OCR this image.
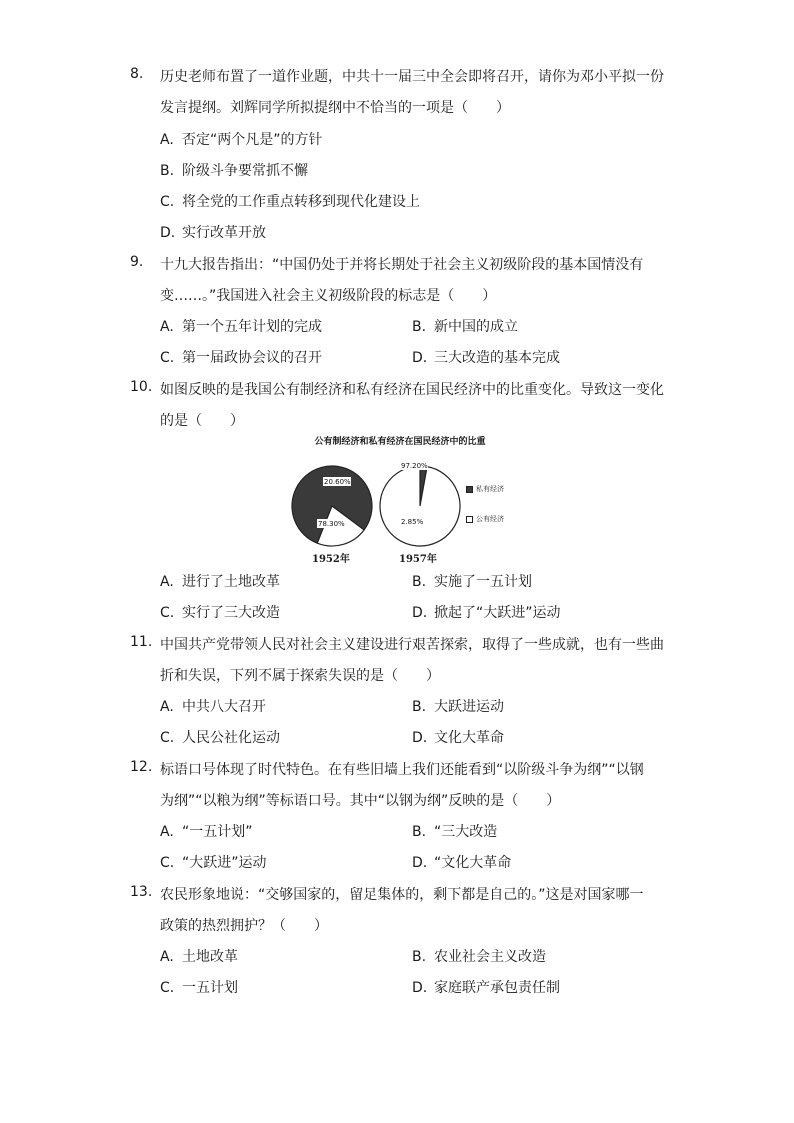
8.	历史老师布置了一道作业题，中共十一届三中全会即将召开，请你为邓小平拟一份
发言提纲。刘辉同学所拟提纲中不恰当的一项是（　　）
A. 否定“两个凡是”的方针
B. 阶级斗争要常抓不懈
C. 将全党的工作重点转移到现代化建设上
D. 实行改革开放
9.	十九大报告指出：“中国仍处于并将长期处于社会主义初级阶段的基本国情没有
变……。”我国进入社会主义初级阶段的标志是（　　）
A. 第一个五年计划的完成	B. 新中国的成立
C. 第一届政协会议的召开	D. 三大改造的基本完成
10. 如图反映的是我国公有制经济和私有经济在国民经济中的比重变化。导致这一变化
的是（　　）
公有制经济和私有经济在国民经济中的比重
78.30%
20.60%
2.85%
97.20%
私有经济
公有经济
1952年	1957年
A. 进行了土地改革	B. 实施了一五计划
C. 实行了三大改造	D. 掀起了“大跃进”运动
11. 中国共产党带领人民对社会主义建设进行艰苦探索，取得了一些成就，也有一些曲
折和失误，下列不属于探索失误的是（　　）
A. 中共八大召开	B. 大跃进运动
C. 人民公社化运动	D. 文化大革命
12. 标语口号体现了时代特色。在有些旧墙上我们还能看到“以阶级斗争为纲”“以钢
为纲”“以粮为纲”等标语口号。其中“以钢为纲”反映的是（　　）
A. “一五计划”	B. “三大改造
C. “大跃进”运动	D. “文化大革命
13. 农民形象地说：“交够国家的，留足集体的，剩下都是自己的。”这是对国家哪一
政策的热烈拥护？（　　）
A. 土地改革	B. 农业社会主义改造
C. 一五计划	D. 家庭联产承包责任制
